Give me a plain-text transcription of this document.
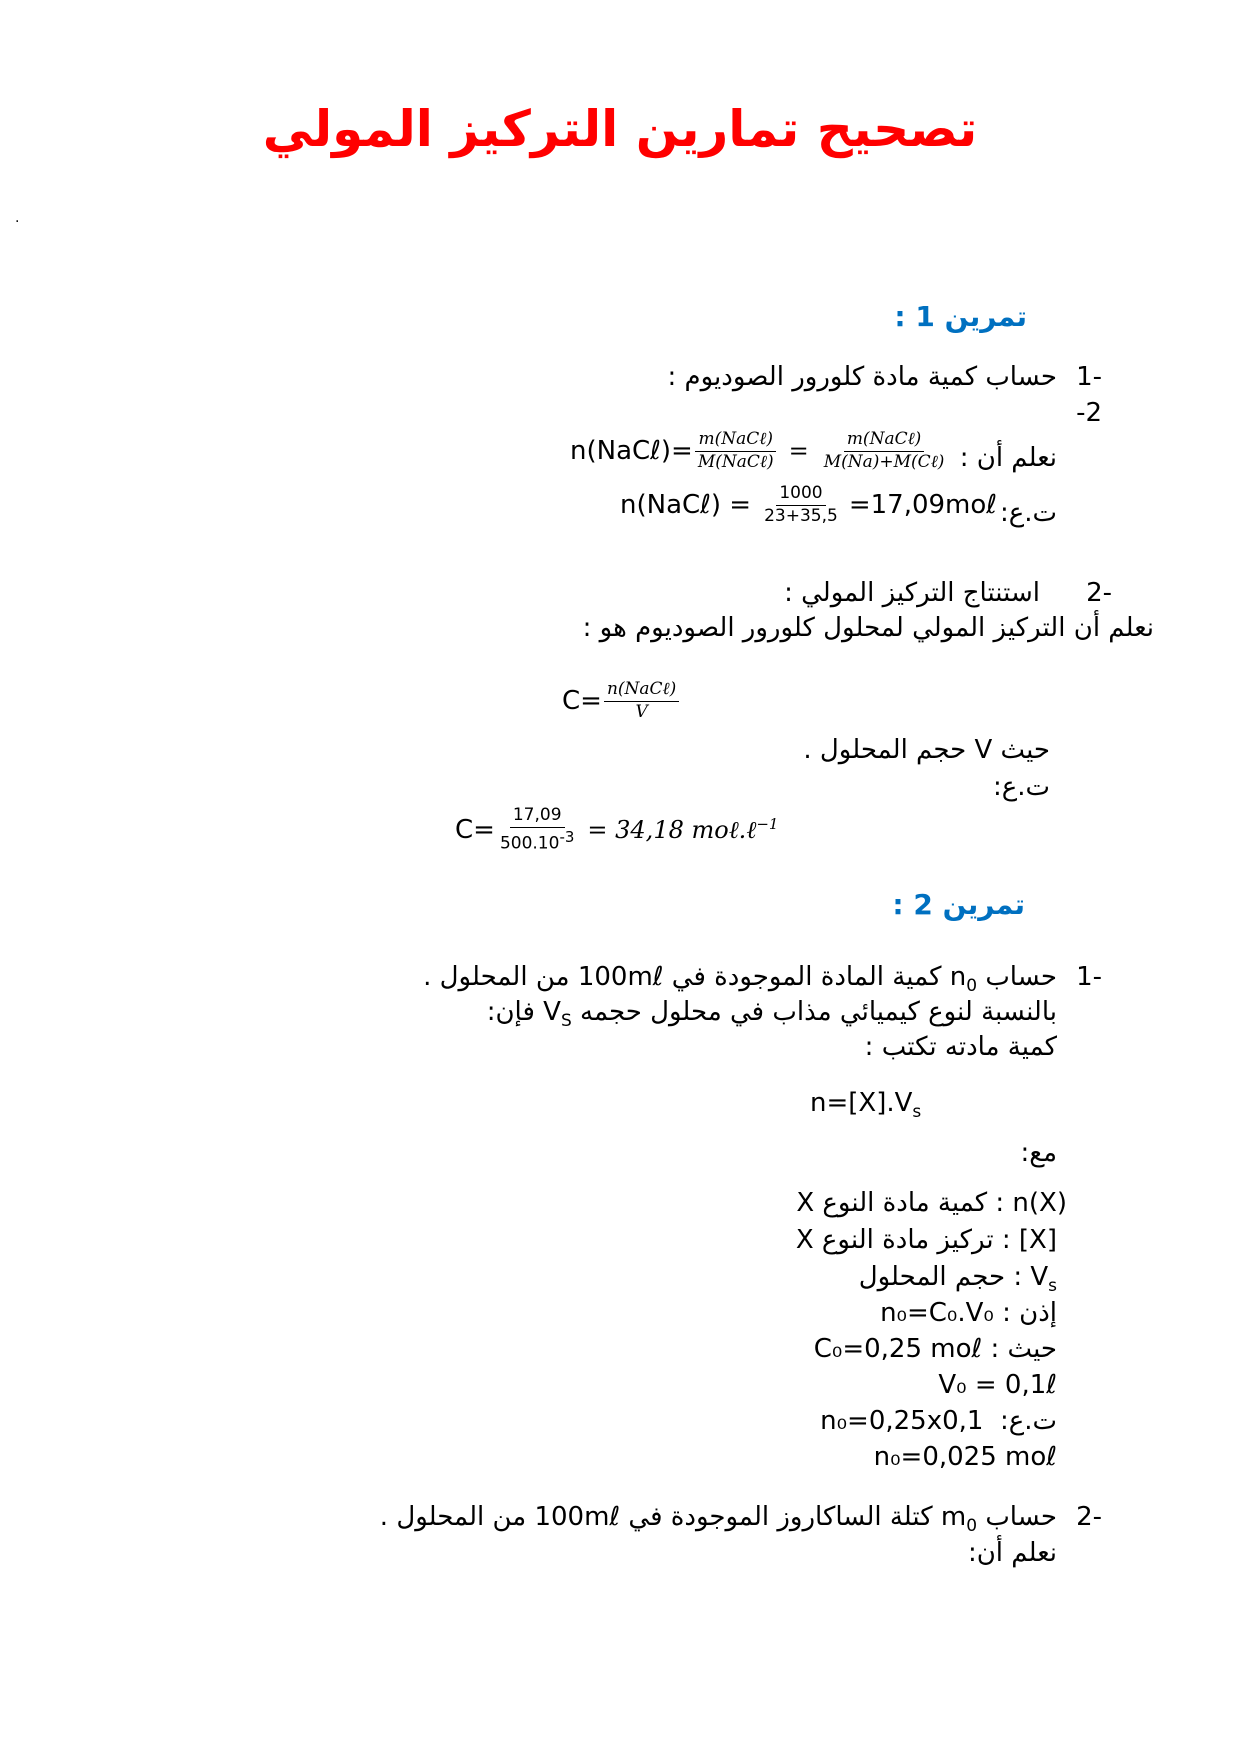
تصحيح تمارين التركيز المولي
.
تمرين 1 :
1-
حساب كمية مادة كلورور الصوديوم :
-2
نعلم أن :
n(NaCℓ)= $\frac{\text{m(NaCℓ)}}{\text{M(NaCℓ)}} = \frac{\text{m(NaCℓ)}}{\text{M(Na)+M(Cℓ)}}$
ت.ع:
n(NaCℓ) = $\frac{1000}{23+35,5}$ =17,09moℓ
2-
استنتاج التركيز المولي :
نعلم أن التركيز المولي لمحلول كلورور الصوديوم هو :
$C= \frac{\text{n(NaCℓ)}}{V}$
حيث V حجم المحلول .
ت.ع:
$C= \frac{17,09}{500.10^{-3}} = 34,18$ moℓ.ℓ$^{-1}$
تمرين 2 :
1-
حساب $n_0$ كمية المادة الموجودة في 100mℓ من المحلول .
بالنسبة لنوع كيميائي مذاب في محلول حجمه $V_S$ فإن:
كمية مادته تكتب :
$n=[X].V_s$
مع:
n(X) : كمية مادة النوع X
[X] : تركيز مادة النوع X
$V_s$ : حجم المحلول
إذن : n₀=C₀.V₀
حيث : C₀=0,25 moℓ
V₀ = 0,1ℓ
ت.ع:  n₀=0,25x0,1
n₀=0,025 moℓ
2-
حساب $m_0$ كتلة الساكاروز الموجودة في 100mℓ من المحلول .
نعلم أن:
